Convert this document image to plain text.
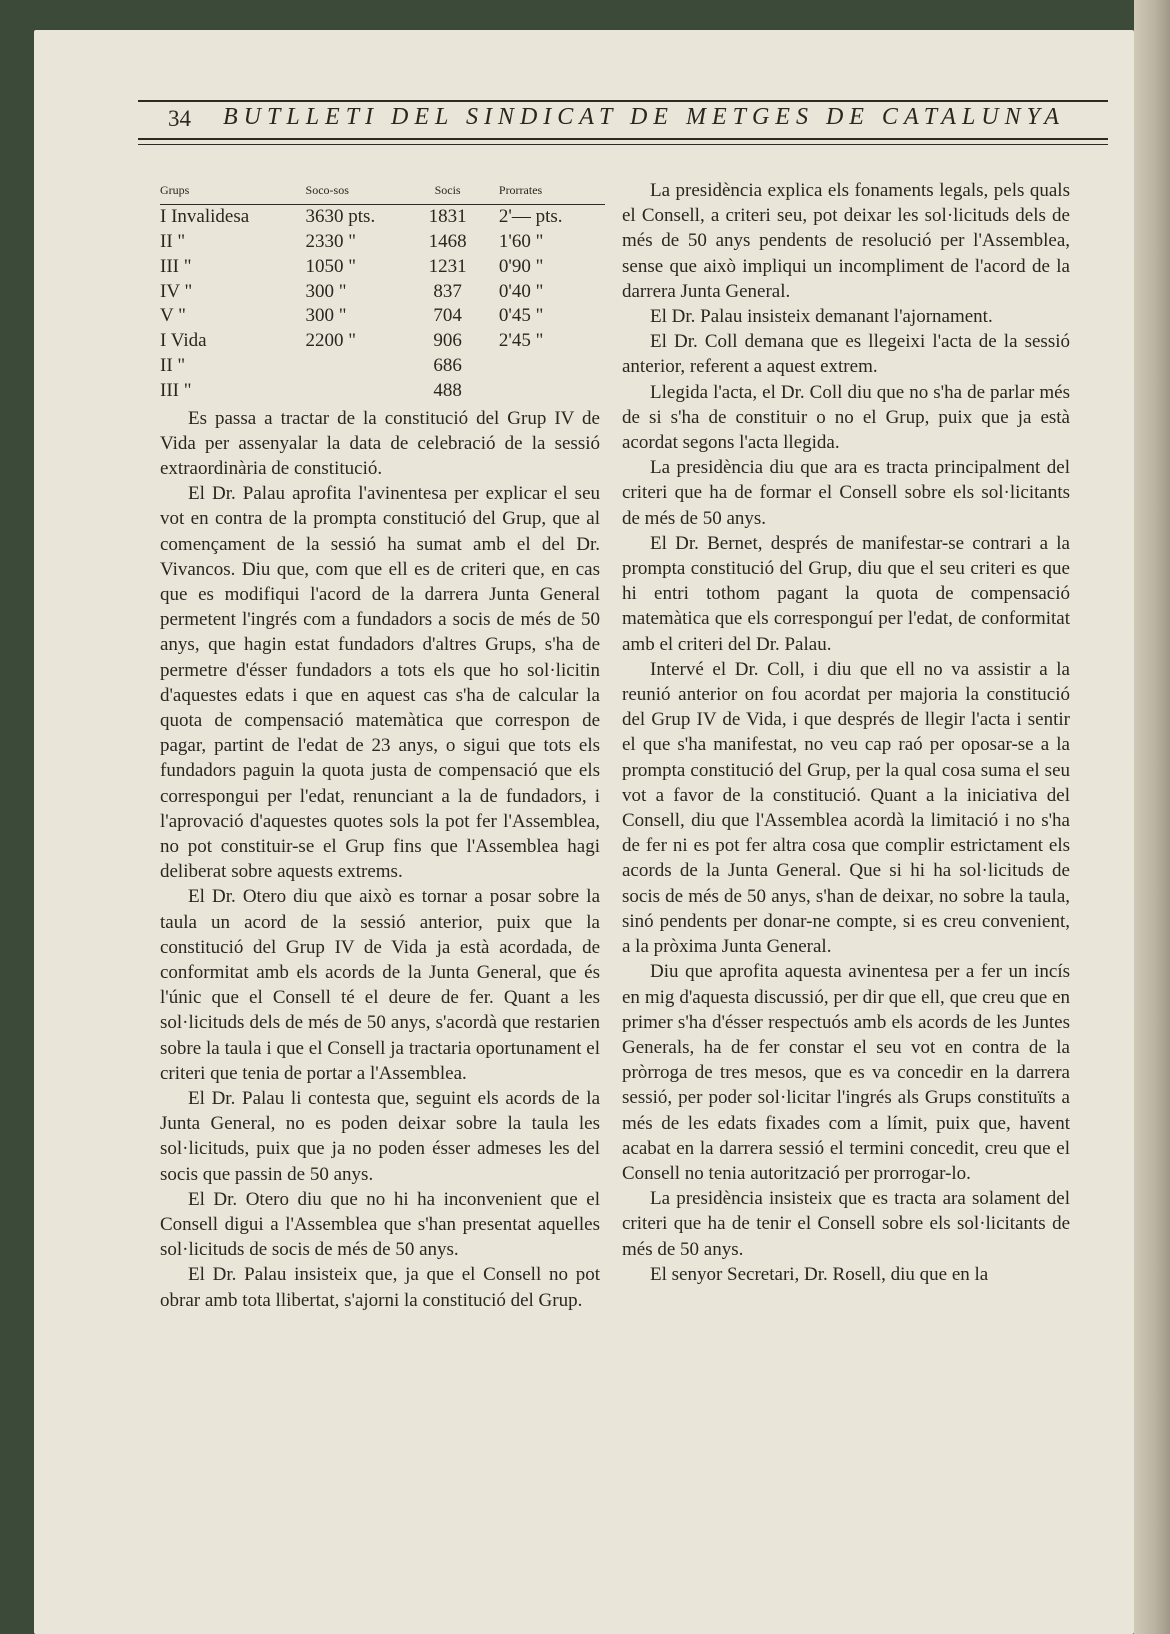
34 BUTLLETI DEL SINDICAT DE METGES DE CATALUNYA
Grups	Soco-sos	Socis	Prorrates
I Invalidesa	3630 pts.	1831	2'— pts.
II "	2330 "	1468	1'60 "
III "	1050 "	1231	0'90 "
IV "	300 "	837	0'40 "
V "	300 "	704	0'45 "
I Vida	2200 "	906	2'45 "
II "		686	
III "		488	

Es passa a tractar de la constitució del Grup IV de Vida per assenyalar la data de celebració de la sessió extraordinària de constitució.

El Dr. Palau aprofita l'avinentesa per explicar el seu vot en contra de la prompta constitució del Grup, que al començament de la sessió ha sumat amb el del Dr. Vivancos. Diu que, com que ell es de criteri que, en cas que es modifiqui l'acord de la darrera Junta General permetent l'ingrés com a fundadors a socis de més de 50 anys, que hagin estat fundadors d'altres Grups, s'ha de permetre d'ésser fundadors a tots els que ho sol·licitin d'aquestes edats i que en aquest cas s'ha de calcular la quota de compensació matemàtica que correspon de pagar, partint de l'edat de 23 anys, o sigui que tots els fundadors paguin la quota justa de compensació que els correspongui per l'edat, renunciant a la de fundadors, i l'aprovació d'aquestes quotes sols la pot fer l'Assemblea, no pot constituir-se el Grup fins que l'Assemblea hagi deliberat sobre aquests extrems.

El Dr. Otero diu que això es tornar a posar sobre la taula un acord de la sessió anterior, puix que la constitució del Grup IV de Vida ja està acordada, de conformitat amb els acords de la Junta General, que és l'únic que el Consell té el deure de fer. Quant a les sol·licituds dels de més de 50 anys, s'acordà que restarien sobre la taula i que el Consell ja tractaria oportunament el criteri que tenia de portar a l'Assemblea.

El Dr. Palau li contesta que, seguint els acords de la Junta General, no es poden deixar sobre la taula les sol·licituds, puix que ja no poden ésser admeses les del socis que passin de 50 anys.

El Dr. Otero diu que no hi ha inconvenient que el Consell digui a l'Assemblea que s'han presentat aquelles sol·licituds de socis de més de 50 anys.

El Dr. Palau insisteix que, ja que el Consell no pot obrar amb tota llibertat, s'ajorni la constitució del Grup.

La presidència explica els fonaments legals, pels quals el Consell, a criteri seu, pot deixar les sol·licituds dels de més de 50 anys pendents de resolució per l'Assemblea, sense que això impliqui un incompliment de l'acord de la darrera Junta General.

El Dr. Palau insisteix demanant l'ajornament.

El Dr. Coll demana que es llegeixi l'acta de la sessió anterior, referent a aquest extrem.

Llegida l'acta, el Dr. Coll diu que no s'ha de parlar més de si s'ha de constituir o no el Grup, puix que ja està acordat segons l'acta llegida.

La presidència diu que ara es tracta principalment del criteri que ha de formar el Consell sobre els sol·licitants de més de 50 anys.

El Dr. Bernet, després de manifestar-se contrari a la prompta constitució del Grup, diu que el seu criteri es que hi entri tothom pagant la quota de compensació matemàtica que els corresponguí per l'edat, de conformitat amb el criteri del Dr. Palau.

Intervé el Dr. Coll, i diu que ell no va assistir a la reunió anterior on fou acordat per majoria la constitució del Grup IV de Vida, i que després de llegir l'acta i sentir el que s'ha manifestat, no veu cap raó per oposar-se a la prompta constitució del Grup, per la qual cosa suma el seu vot a favor de la constitució. Quant a la iniciativa del Consell, diu que l'Assemblea acordà la limitació i no s'ha de fer ni es pot fer altra cosa que complir estrictament els acords de la Junta General. Que si hi ha sol·licituds de socis de més de 50 anys, s'han de deixar, no sobre la taula, sinó pendents per donar-ne compte, si es creu convenient, a la pròxima Junta General.

Diu que aprofita aquesta avinentesa per a fer un incís en mig d'aquesta discussió, per dir que ell, que creu que en primer s'ha d'ésser respectuós amb els acords de les Juntes Generals, ha de fer constar el seu vot en contra de la pròrroga de tres mesos, que es va concedir en la darrera sessió, per poder sol·licitar l'ingrés als Grups constituïts a més de les edats fixades com a límit, puix que, havent acabat en la darrera sessió el termini concedit, creu que el Consell no tenia autorització per prorrogar-lo.

La presidència insisteix que es tracta ara solament del criteri que ha de tenir el Consell sobre els sol·licitants de més de 50 anys.

El senyor Secretari, Dr. Rosell, diu que en la
